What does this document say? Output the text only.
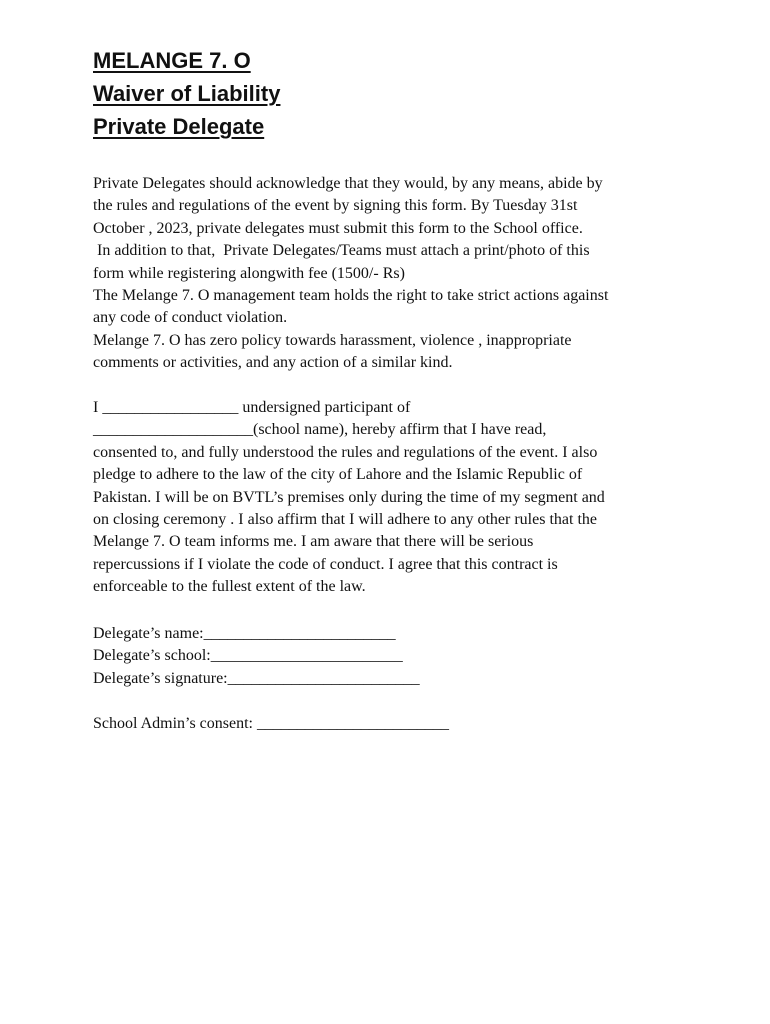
MELANGE 7. O
Waiver of Liability
Private Delegate
Private Delegates should acknowledge that they would, by any means, abide by
the rules and regulations of the event by signing this form. By Tuesday 31st
October , 2023, private delegates must submit this form to the School office.
In addition to that,  Private Delegates/Teams must attach a print/photo of this
form while registering alongwith fee (1500/- Rs)
The Melange 7. O management team holds the right to take strict actions against
any code of conduct violation.
Melange 7. O has zero policy towards harassment, violence , inappropriate
comments or activities, and any action of a similar kind.
I _________________ undersigned participant of
____________________(school name), hereby affirm that I have read,
consented to, and fully understood the rules and regulations of the event. I also
pledge to adhere to the law of the city of Lahore and the Islamic Republic of
Pakistan. I will be on BVTL’s premises only during the time of my segment and
on closing ceremony . I also affirm that I will adhere to any other rules that the
Melange 7. O team informs me. I am aware that there will be serious
repercussions if I violate the code of conduct. I agree that this contract is
enforceable to the fullest extent of the law.
Delegate’s name:________________________
Delegate’s school:________________________
Delegate’s signature:________________________
School Admin’s consent: ________________________
